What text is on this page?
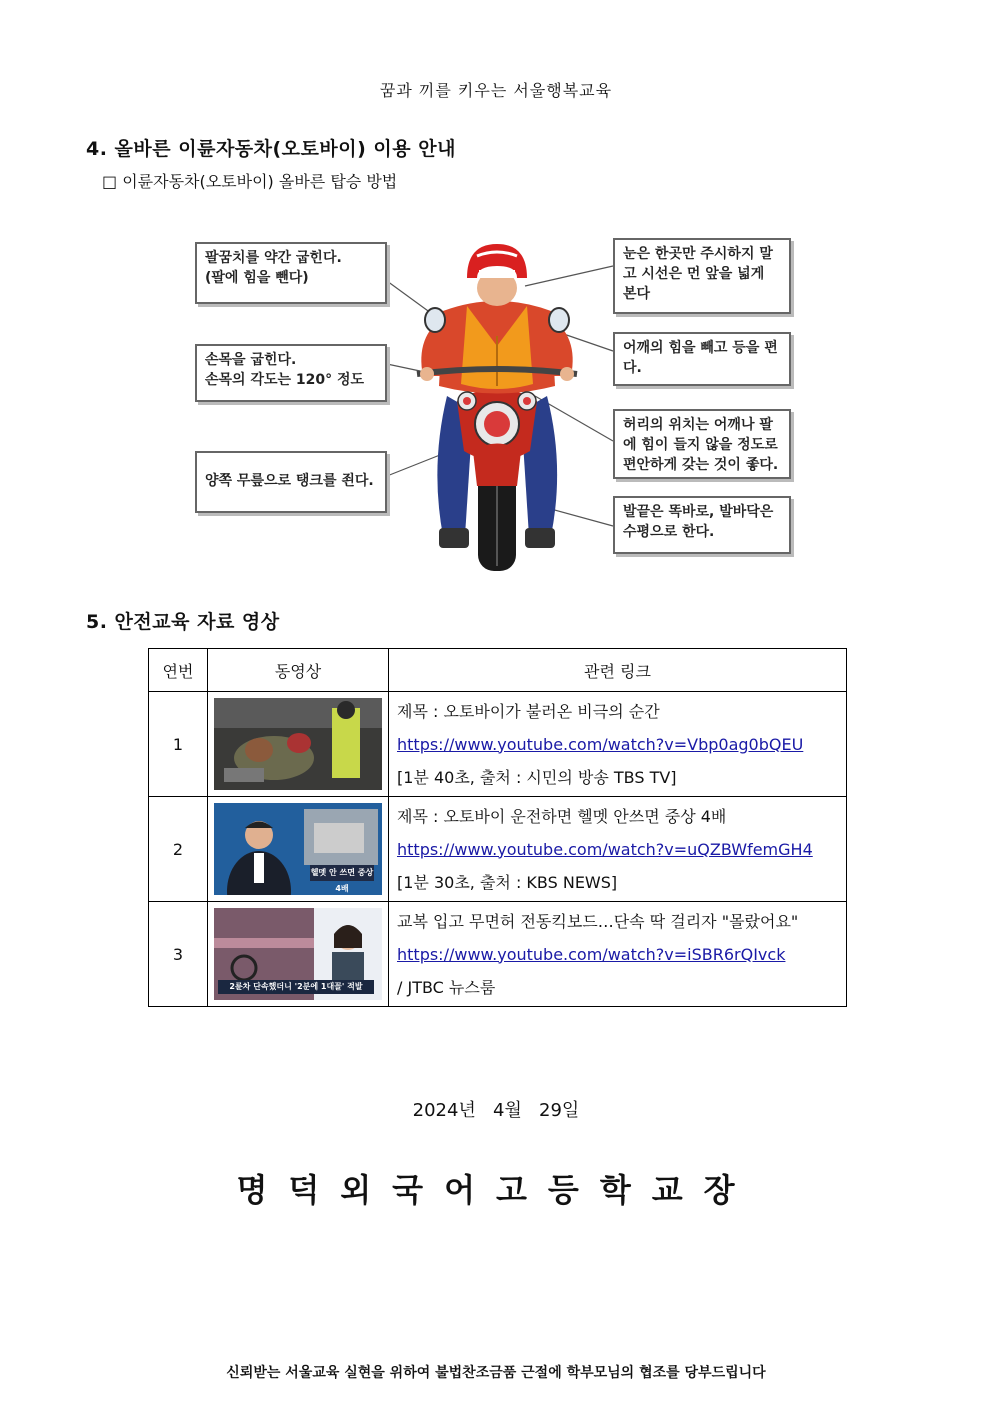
꿈과 끼를 키우는 서울행복교육
4. 올바른 이륜자동차(오토바이) 이용 안내
□ 이륜자동차(오토바이) 올바른 탑승 방법
팔꿈치를 약간 굽힌다.
(팔에 힘을 뺀다)
손목을 굽힌다.
손목의 각도는 120° 정도
양쪽 무릎으로 탱크를 죈다.
눈은 한곳만 주시하지 말
고 시선은 먼 앞을 넓게
본다
어깨의 힘을 빼고 등을 편
다.
허리의 위치는 어깨나 팔
에 힘이 들지 않을 정도로
편안하게 갖는 것이 좋다.
발끝은 똑바로, 발바닥은
수평으로 한다.
5. 안전교육 자료 영상
연번	동영상	관련 링크
1		제목 : 오토바이가 불러온 비극의 순간
https://www.youtube.com/watch?v=Vbp0ag0bQEU
[1분 40초, 출처 : 시민의 방송 TBS TV]

2	헬멧 안 쓰면 중상 4배	제목 : 오토바이 운전하면 헬멧 안쓰면 중상 4배
https://www.youtube.com/watch?v=uQZBWfemGH4
[1분 30초, 출처 : KBS NEWS]

3	2륜차 단속했더니 '2분에 1대꼴' 적발	교복 입고 무면허 전동킥보드…단속 딱 걸리자 "몰랐어요"
https://www.youtube.com/watch?v=iSBR6rQIvck
/ JTBC 뉴스룸
2024년   4월   29일
명덕외국어고등학교장
신뢰받는 서울교육 실현을 위하여 불법찬조금품 근절에 학부모님의 협조를 당부드립니다
